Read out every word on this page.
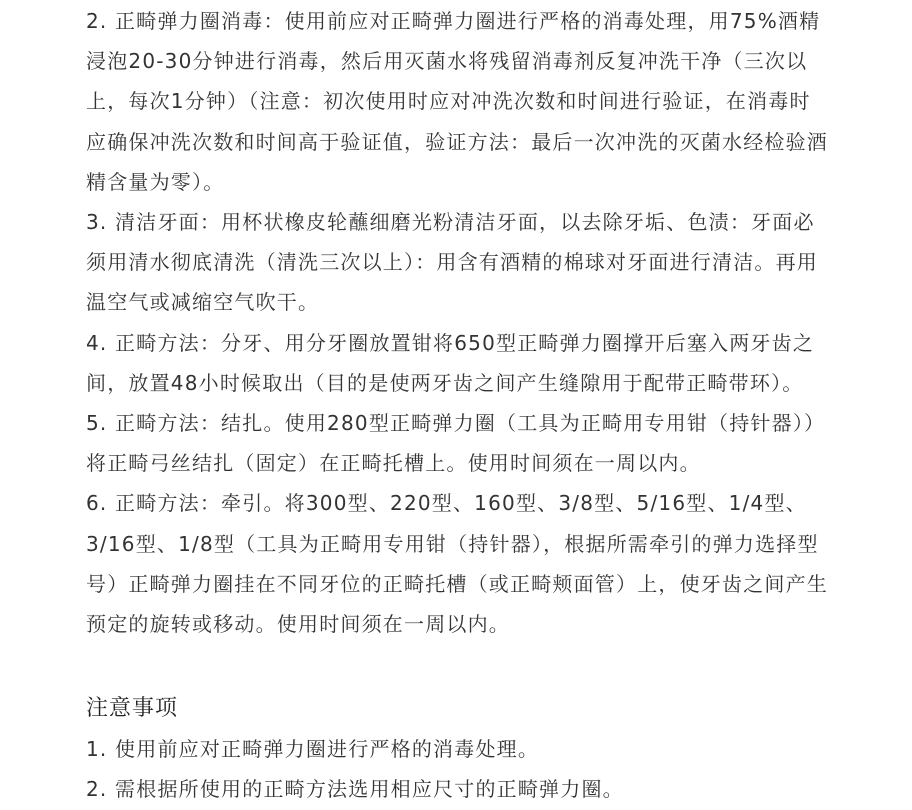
2. 正畸弹力圈消毒：使用前应对正畸弹力圈进行严格的消毒处理，用75%酒精浸泡20-30分钟进行消毒，然后用灭菌水将残留消毒剂反复冲洗干净（三次以上，每次1分钟）（注意：初次使用时应对冲洗次数和时间进行验证，在消毒时应确保冲洗次数和时间高于验证值，验证方法：最后一次冲洗的灭菌水经检验酒精含量为零）。

3. 清洁牙面：用杯状橡皮轮蘸细磨光粉清洁牙面，以去除牙垢、色渍：牙面必须用清水彻底清洗（清洗三次以上）：用含有酒精的棉球对牙面进行清洁。再用温空气或减缩空气吹干。

4. 正畸方法：分牙、用分牙圈放置钳将650型正畸弹力圈撑开后塞入两牙齿之间，放置48小时候取出（目的是使两牙齿之间产生缝隙用于配带正畸带环）。

5. 正畸方法：结扎。使用280型正畸弹力圈（工具为正畸用专用钳（持针器））将正畸弓丝结扎（固定）在正畸托槽上。使用时间须在一周以内。

6. 正畸方法：牵引。将300型、220型、160型、3/8型、5/16型、1/4型、3/16型、1/8型（工具为正畸用专用钳（持针器），根据所需牵引的弹力选择型号）正畸弹力圈挂在不同牙位的正畸托槽（或正畸颊面管）上，使牙齿之间产生预定的旋转或移动。使用时间须在一周以内。

注意事项

1. 使用前应对正畸弹力圈进行严格的消毒处理。

2. 需根据所使用的正畸方法选用相应尺寸的正畸弹力圈。
